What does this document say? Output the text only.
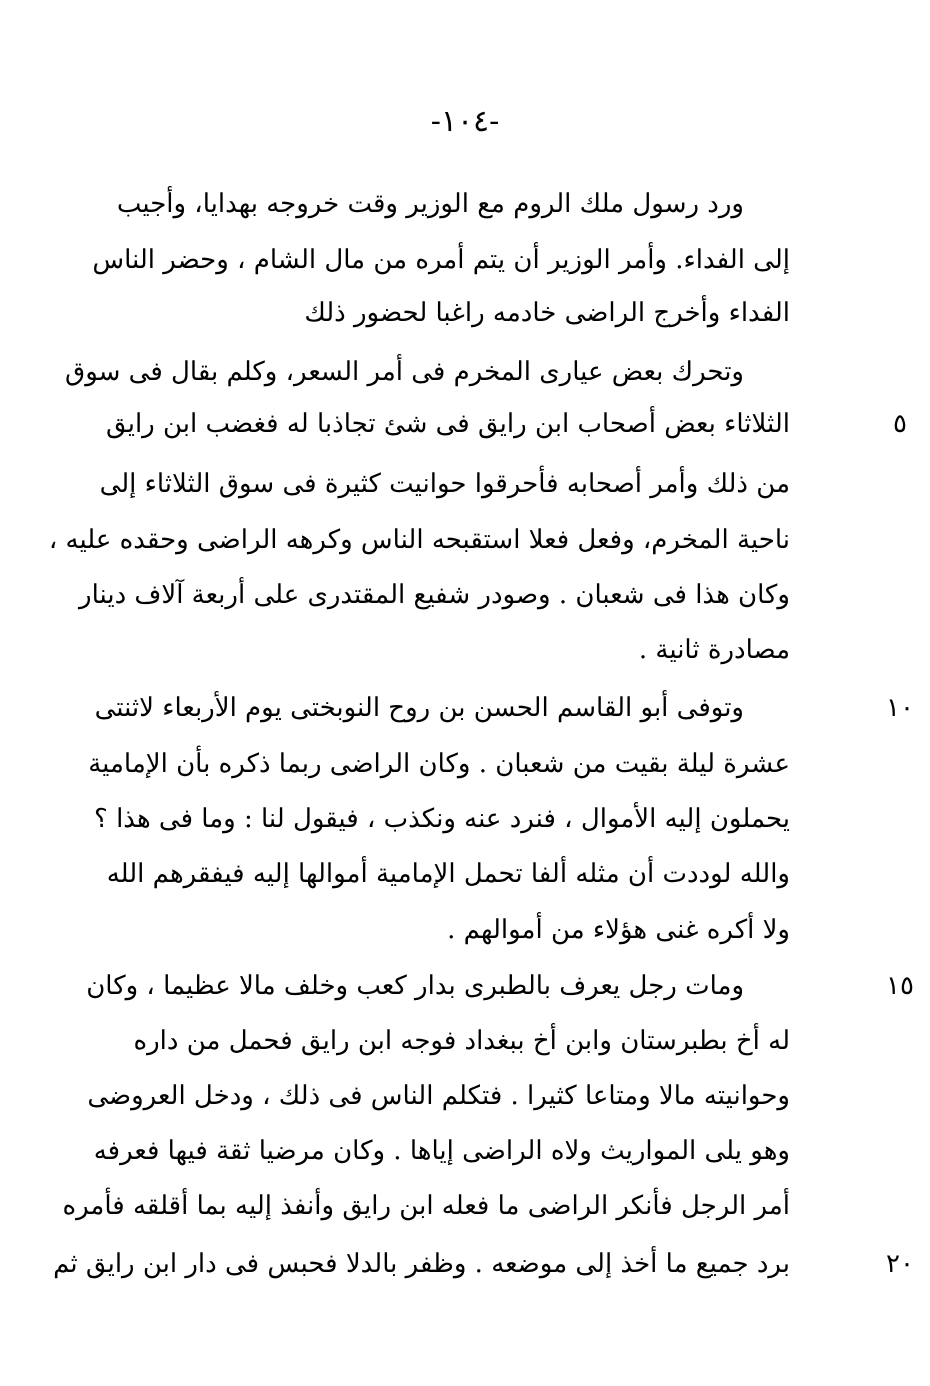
-١٠٤-
٥
١٠
١٥
٢٠
ورد رسول ملك الروم مع الوزير وقت خروجه بهدايا، وأجيب
إلى الفداء. وأمر الوزير أن يتم أمره من مال الشام ، وحضر الناس
الفداء وأخرج الراضى خادمه راغبا لحضور ذلك
وتحرك بعض عيارى المخرم فى أمر السعر، وكلم بقال فى سوق
الثلاثاء بعض أصحاب ابن رايق فى شئ تجاذبا له فغضب ابن رايق
من ذلك وأمر أصحابه فأحرقوا حوانيت كثيرة فى سوق الثلاثاء إلى
ناحية المخرم، وفعل فعلا استقبحه الناس وكرهه الراضى وحقده عليه ،
وكان هذا فى شعبان . وصودر شفيع المقتدرى على أربعة آلاف دينار
مصادرة ثانية .
وتوفى أبو القاسم الحسن بن روح النوبختى يوم الأربعاء لاثنتى
عشرة ليلة بقيت من شعبان . وكان الراضى ربما ذكره بأن الإمامية
يحملون إليه الأموال ، فنرد عنه ونكذب ، فيقول لنا : وما فى هذا ؟
والله لوددت أن مثله ألفا تحمل الإمامية أموالها إليه فيفقرهم الله
ولا أكره غنى هؤلاء من أموالهم .
ومات رجل يعرف بالطبرى بدار كعب وخلف مالا عظيما ، وكان
له أخ بطبرستان وابن أخ ببغداد فوجه ابن رايق فحمل من داره
وحوانيته مالا ومتاعا كثيرا . فتكلم الناس فى ذلك ، ودخل العروضى
وهو يلى المواريث ولاه الراضى إياها . وكان مرضيا ثقة فيها فعرفه
أمر الرجل فأنكر الراضى ما فعله ابن رايق وأنفذ إليه بما أقلقه فأمره
برد جميع ما أخذ إلى موضعه . وظفر بالدلا فحبس فى دار ابن رايق ثم
